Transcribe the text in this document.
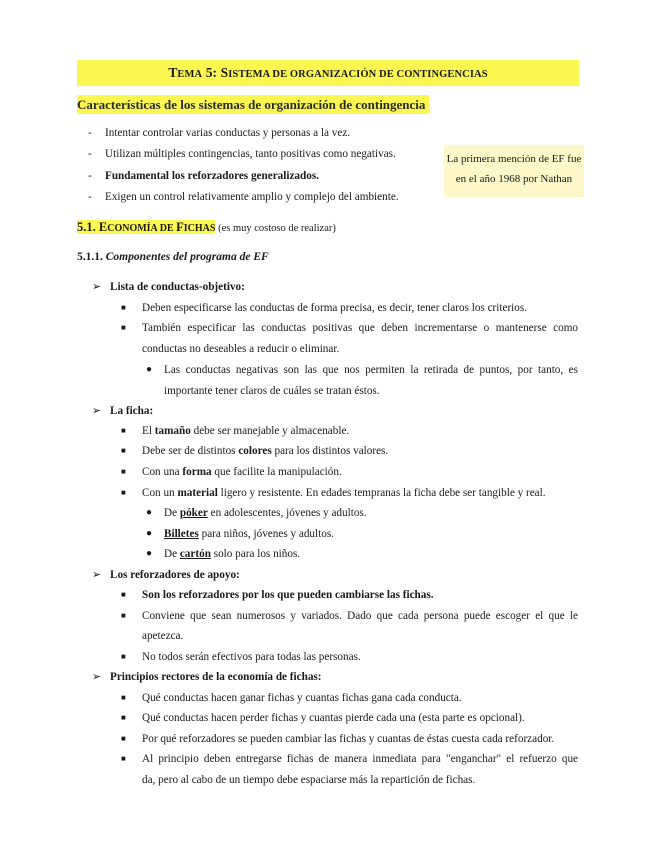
TEMA 5: SISTEMA DE ORGANIZACIÓN DE CONTINGENCIAS
Características de los sistemas de organización de contingencia
- Intentar controlar varias conductas y personas a la vez.
- Utilizan múltiples contingencias, tanto positivas como negativas.
- Fundamental los reforzadores generalizados.
- Exigen un control relativamente amplio y complejo del ambiente.
La primera mención de EF fue
en el año 1968 por Nathan
5.1. ECONOMÍA DE FICHAS (es muy costoso de realizar)
5.1.1. Componentes del programa de EF
➢ Lista de conductas-objetivo:
■ Deben especificarse las conductas de forma precisa, es decir, tener claros los criterios.
■ También especificar las conductas positivas que deben incrementarse o mantenerse como
conductas no deseables a reducir o eliminar.
● Las conductas negativas son las que nos permiten la retirada de puntos, por tanto, es
importante tener claros de cuáles se tratan éstos.
➢ La ficha:
■ El tamaño debe ser manejable y almacenable.
■ Debe ser de distintos colores para los distintos valores.
■ Con una forma que facilite la manipulación.
■ Con un material ligero y resistente. En edades tempranas la ficha debe ser tangible y real.
● De póker en adolescentes, jóvenes y adultos.
● Billetes para niños, jóvenes y adultos.
● De cartón solo para los niños.
➢ Los reforzadores de apoyo:
■ Son los reforzadores por los que pueden cambiarse las fichas.
■ Conviene que sean numerosos y variados. Dado que cada persona puede escoger el que le
apetezca.
■ No todos serán efectivos para todas las personas.
➢ Principios rectores de la economía de fichas:
■ Qué conductas hacen ganar fichas y cuantas fichas gana cada conducta.
■ Qué conductas hacen perder fichas y cuantas pierde cada una (esta parte es opcional).
■ Por qué reforzadores se pueden cambiar las fichas y cuantas de éstas cuesta cada reforzador.
■ Al principio deben entregarse fichas de manera inmediata para "enganchar" el refuerzo que
da, pero al cabo de un tiempo debe espaciarse más la repartición de fichas.
